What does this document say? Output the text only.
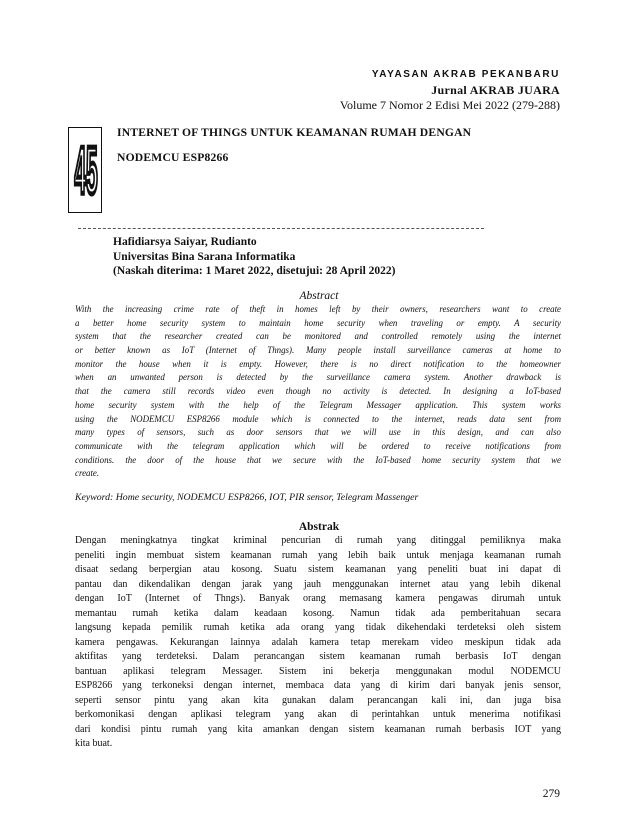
YAYASAN AKRAB PEKANBARU
Jurnal AKRAB JUARA
Volume 7 Nomor 2 Edisi Mei 2022 (279-288)
45
INTERNET OF THINGS UNTUK KEAMANAN RUMAH DENGAN
NODEMCU ESP8266
Hafidiarsya Saiyar, Rudianto
Universitas Bina Sarana Informatika
(Naskah diterima: 1 Maret 2022, disetujui: 28 April 2022)
Abstract
With the increasing crime rate of theft in homes left by their owners, researchers want to create
a better home security system to maintain home security when traveling or empty. A security
system that the researcher created can be monitored and controlled remotely using the internet
or better known as IoT (Internet of Thngs). Many people install surveillance cameras at home to
monitor the house when it is empty. However, there is no direct notification to the homeowner
when an unwanted person is detected by the surveillance camera system. Another drawback is
that the camera still records video even though no activity is detected. In designing a IoT-based
home security system with the help of the Telegram Messager application. This system works
using the NODEMCU ESP8266 module which is connected to the internet, reads data sent from
many types of sensors, such as door sensors that we will use in this design, and can also
communicate with the telegram application which will be ordered to receive notifications from
conditions. the door of the house that we secure with the IoT-based home security system that we
create.
Keyword: Home security, NODEMCU ESP8266, IOT, PIR sensor, Telegram Massenger
Abstrak
Dengan meningkatnya tingkat kriminal pencurian di rumah yang ditinggal pemiliknya maka
peneliti ingin membuat sistem keamanan rumah yang lebih baik untuk menjaga keamanan rumah
disaat sedang berpergian atau kosong. Suatu sistem keamanan yang peneliti buat ini dapat di
pantau dan dikendalikan dengan jarak yang jauh menggunakan internet atau yang lebih dikenal
dengan IoT (Internet of Thngs). Banyak orang memasang kamera pengawas dirumah untuk
memantau rumah ketika dalam keadaan kosong. Namun tidak ada pemberitahuan secara
langsung kepada pemilik rumah ketika ada orang yang tidak dikehendaki terdeteksi oleh sistem
kamera pengawas. Kekurangan lainnya adalah kamera tetap merekam video meskipun tidak ada
aktifitas yang terdeteksi. Dalam perancangan sistem keamanan rumah berbasis IoT dengan
bantuan aplikasi telegram Messager. Sistem ini bekerja menggunakan modul NODEMCU
ESP8266 yang terkoneksi dengan internet, membaca data yang di kirim dari banyak jenis sensor,
seperti sensor pintu yang akan kita gunakan dalam perancangan kali ini, dan juga bisa
berkomonikasi dengan aplikasi telegram yang akan di perintahkan untuk menerima notifikasi
dari kondisi pintu rumah yang kita amankan dengan sistem keamanan rumah berbasis IOT yang
kita buat.
279
